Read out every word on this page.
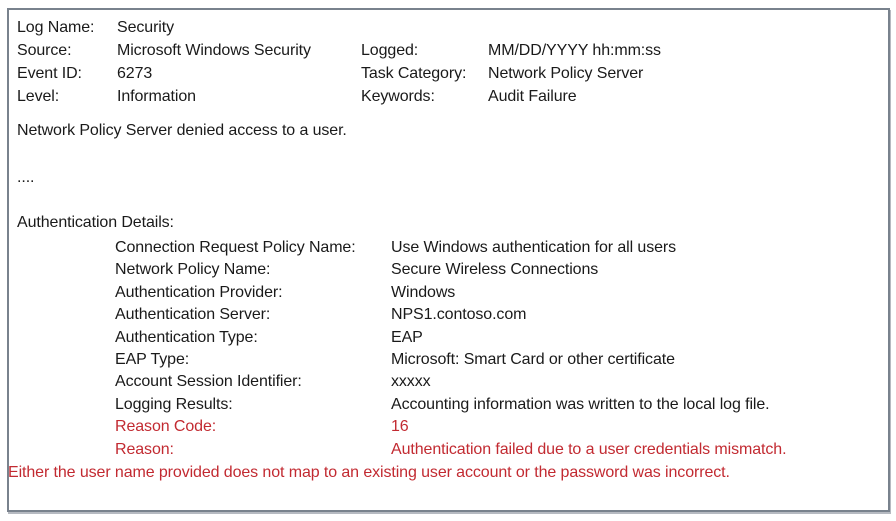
Log Name: Security
Source:	Microsoft Windows Security	Logged:	MM/DD/YYYY hh:mm:ss
Event ID: 6273	Task Category: Network Policy Server
Level:	Information	Keywords:	Audit Failure
Network Policy Server denied access to a user.
....
Authentication Details:
Connection Request Policy Name: Use Windows authentication for all users
Network Policy Name:	Secure Wireless Connections
Authentication Provider:	Windows
Authentication Server:	NPS1.contoso.com
Authentication Type:	EAP
EAP Type:	Microsoft: Smart Card or other certificate
Account Session Identifier:	xxxxx
Logging Results:	Accounting information was written to the local log file.
Reason Code:	16
Reason:	Authentication failed due to a user credentials mismatch.
Either the user name provided does not map to an existing user account or the password was incorrect.
